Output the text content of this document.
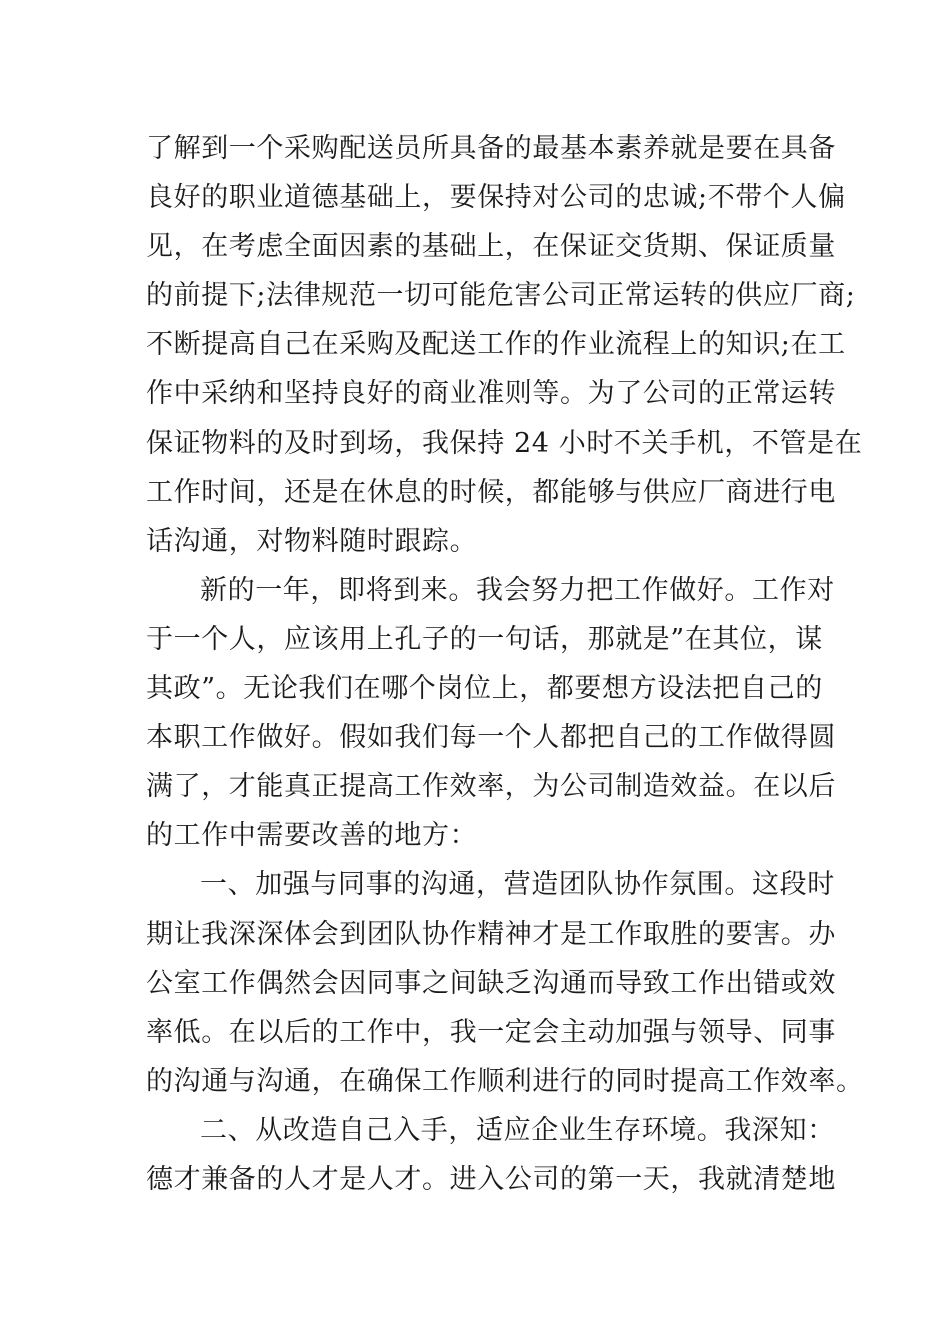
了解到一个采购配送员所具备的最基本素养就是要在具备
良好的职业道德基础上，要保持对公司的忠诚;不带个人偏
见，在考虑全面因素的基础上，在保证交货期、保证质量
的前提下;法律规范一切可能危害公司正常运转的供应厂商;
不断提高自己在采购及配送工作的作业流程上的知识;在工
作中采纳和坚持良好的商业准则等。为了公司的正常运转
保证物料的及时到场，我保持 24 小时不关手机，不管是在
工作时间，还是在休息的时候，都能够与供应厂商进行电
话沟通，对物料随时跟踪。
新的一年，即将到来。我会努力把工作做好。工作对
于一个人，应该用上孔子的一句话，那就是”在其位，谋
其政”。无论我们在哪个岗位上，都要想方设法把自己的
本职工作做好。假如我们每一个人都把自己的工作做得圆
满了，才能真正提高工作效率，为公司制造效益。在以后
的工作中需要改善的地方：
一、加强与同事的沟通，营造团队协作氛围。这段时
期让我深深体会到团队协作精神才是工作取胜的要害。办
公室工作偶然会因同事之间缺乏沟通而导致工作出错或效
率低。在以后的工作中，我一定会主动加强与领导、同事
的沟通与沟通，在确保工作顺利进行的同时提高工作效率。
二、从改造自己入手，适应企业生存环境。我深知：
德才兼备的人才是人才。进入公司的第一天，我就清楚地
